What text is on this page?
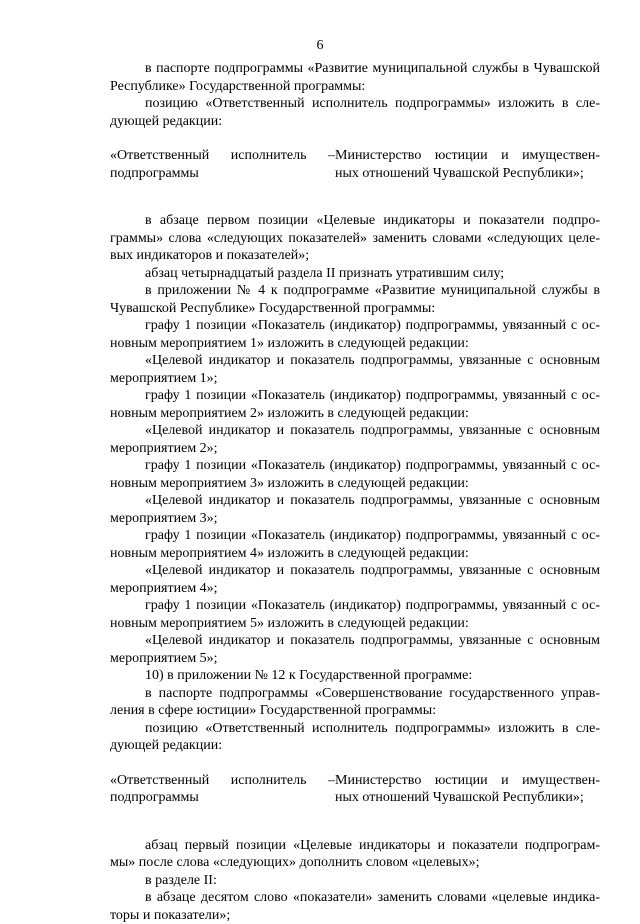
6
в паспорте подпрограммы «Развитие муниципальной службы в Чувашской
Республике» Государственной программы:
позицию «Ответственный исполнитель подпрограммы» изложить в сле-
дующей редакции:
«Ответственный исполнитель –
подпрограммы
Министерство юстиции и имуществен-
ных отношений Чувашской Республики»;
в абзаце первом позиции «Целевые индикаторы и показатели подпро-
граммы» слова «следующих показателей» заменить словами «следующих целе-
вых индикаторов и показателей»;
абзац четырнадцатый раздела II признать утратившим силу;
в приложении № 4 к подпрограмме «Развитие муниципальной службы в
Чувашской Республике» Государственной программы:
графу 1 позиции «Показатель (индикатор) подпрограммы, увязанный с ос-
новным мероприятием 1» изложить в следующей редакции:
«Целевой индикатор и показатель подпрограммы, увязанные с основным
мероприятием 1»;
графу 1 позиции «Показатель (индикатор) подпрограммы, увязанный с ос-
новным мероприятием 2» изложить в следующей редакции:
«Целевой индикатор и показатель подпрограммы, увязанные с основным
мероприятием 2»;
графу 1 позиции «Показатель (индикатор) подпрограммы, увязанный с ос-
новным мероприятием 3» изложить в следующей редакции:
«Целевой индикатор и показатель подпрограммы, увязанные с основным
мероприятием 3»;
графу 1 позиции «Показатель (индикатор) подпрограммы, увязанный с ос-
новным мероприятием 4» изложить в следующей редакции:
«Целевой индикатор и показатель подпрограммы, увязанные с основным
мероприятием 4»;
графу 1 позиции «Показатель (индикатор) подпрограммы, увязанный с ос-
новным мероприятием 5» изложить в следующей редакции:
«Целевой индикатор и показатель подпрограммы, увязанные с основным
мероприятием 5»;
10) в приложении № 12 к Государственной программе:
в паспорте подпрограммы «Совершенствование государственного управ-
ления в сфере юстиции» Государственной программы:
позицию «Ответственный исполнитель подпрограммы» изложить в сле-
дующей редакции:
«Ответственный исполнитель –
подпрограммы
Министерство юстиции и имуществен-
ных отношений Чувашской Республики»;
абзац первый позиции «Целевые индикаторы и показатели подпрограм-
мы» после слова «следующих» дополнить словом «целевых»;
в разделе II:
в абзаце десятом слово «показатели» заменить словами «целевые индика-
торы и показатели»;
